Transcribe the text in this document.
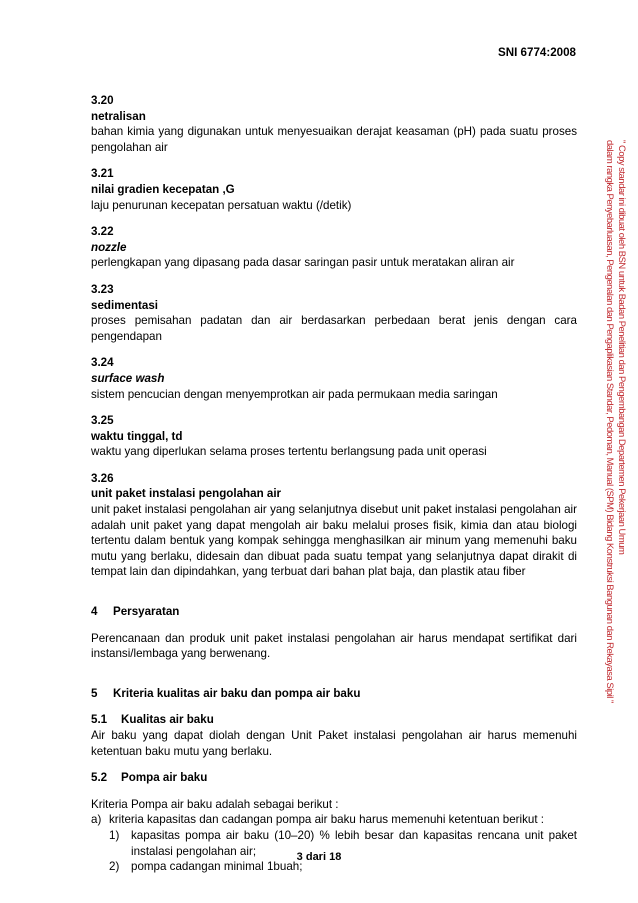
SNI 6774:2008
3.20
netralisan
bahan kimia yang digunakan untuk menyesuaikan derajat keasaman (pH) pada suatu proses pengolahan air
3.21
nilai gradien kecepatan ,G
laju penurunan kecepatan persatuan waktu (/detik)
3.22
nozzle
perlengkapan yang dipasang pada dasar saringan pasir untuk meratakan aliran air
3.23
sedimentasi
proses pemisahan padatan dan air berdasarkan perbedaan berat jenis dengan cara pengendapan
3.24
surface wash
sistem pencucian dengan menyemprotkan air pada permukaan media saringan
3.25
waktu tinggal, td
waktu yang diperlukan selama proses tertentu berlangsung pada unit operasi
3.26
unit paket instalasi pengolahan air
unit paket instalasi pengolahan air yang selanjutnya disebut unit paket instalasi pengolahan air adalah unit paket yang dapat mengolah air baku melalui proses fisik, kimia dan atau biologi tertentu dalam bentuk yang kompak sehingga menghasilkan air minum yang memenuhi baku mutu yang berlaku, didesain dan dibuat pada suatu tempat yang selanjutnya dapat dirakit di tempat lain dan dipindahkan, yang terbuat dari bahan plat baja, dan plastik atau fiber
4 Persyaratan
Perencanaan dan produk unit paket instalasi pengolahan air harus mendapat sertifikat dari instansi/lembaga yang berwenang.
5 Kriteria kualitas air baku dan pompa air baku
5.1 Kualitas air baku
Air baku yang dapat diolah dengan Unit Paket instalasi pengolahan air harus memenuhi ketentuan baku mutu yang berlaku.
5.2 Pompa air baku
Kriteria Pompa air baku adalah sebagai berikut :
a) kriteria kapasitas dan cadangan pompa air baku harus memenuhi ketentuan berikut :
1) kapasitas pompa air baku (10–20) % lebih besar dan kapasitas rencana unit paket instalasi pengolahan air;
2) pompa cadangan minimal 1buah;
3 dari 18
" Copy standar ini dibuat oleh BSN untuk Badan Penelitian dan Pengembangan Departemen Pekerjaan Umum
dalam rangka Penyebarluasan, Pengenalan dan Pengaplikasian Standar, Pedoman, Manual (SPM) Bidang Konstruksi Bangunan dan Rekayasa Sipil "
